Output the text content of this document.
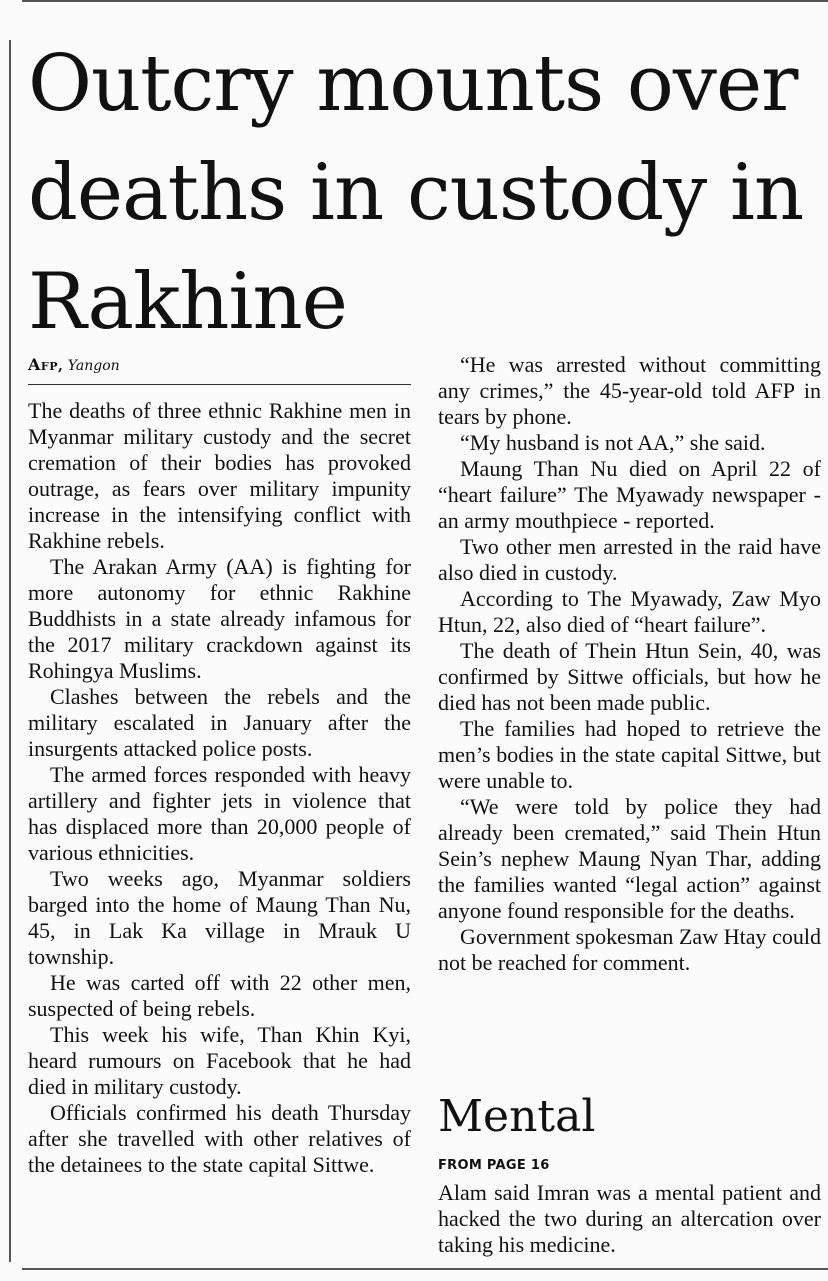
Outcry mounts over deaths in custody in Rakhine
Afp, Yangon

The deaths of three ethnic Rakhine men in Myanmar military custody and the secret cremation of their bodies has provoked outrage, as fears over military impunity increase in the intensifying conflict with Rakhine rebels.

The Arakan Army (AA) is fighting for more autonomy for ethnic Rakhine Buddhists in a state already infamous for the 2017 military crackdown against its Rohingya Muslims.

Clashes between the rebels and the military escalated in January after the insurgents attacked police posts.

The armed forces responded with heavy artillery and fighter jets in violence that has displaced more than 20,000 people of various ethnicities.

Two weeks ago, Myanmar soldiers barged into the home of Maung Than Nu, 45, in Lak Ka village in Mrauk U township.

He was carted off with 22 other men, suspected of being rebels.

This week his wife, Than Khin Kyi, heard rumours on Facebook that he had died in military custody.

Officials confirmed his death Thursday after she travelled with other relatives of the detainees to the state capital Sittwe.

“He was arrested without committing any crimes,” the 45-year-old told AFP in tears by phone.

“My husband is not AA,” she said.

Maung Than Nu died on April 22 of “heart failure” The Myawady newspaper - an army mouthpiece - reported.

Two other men arrested in the raid have also died in custody.

According to The Myawady, Zaw Myo Htun, 22, also died of “heart failure”.

The death of Thein Htun Sein, 40, was confirmed by Sittwe officials, but how he died has not been made public.

The families had hoped to retrieve the men’s bodies in the state capital Sittwe, but were unable to.

“We were told by police they had already been cremated,” said Thein Htun Sein’s nephew Maung Nyan Thar, adding the families wanted “legal action” against anyone found responsible for the deaths.

Government spokesman Zaw Htay could not be reached for comment.

Mental
FROM PAGE 16

Alam said Imran was a mental patient and hacked the two during an altercation over taking his medicine.
